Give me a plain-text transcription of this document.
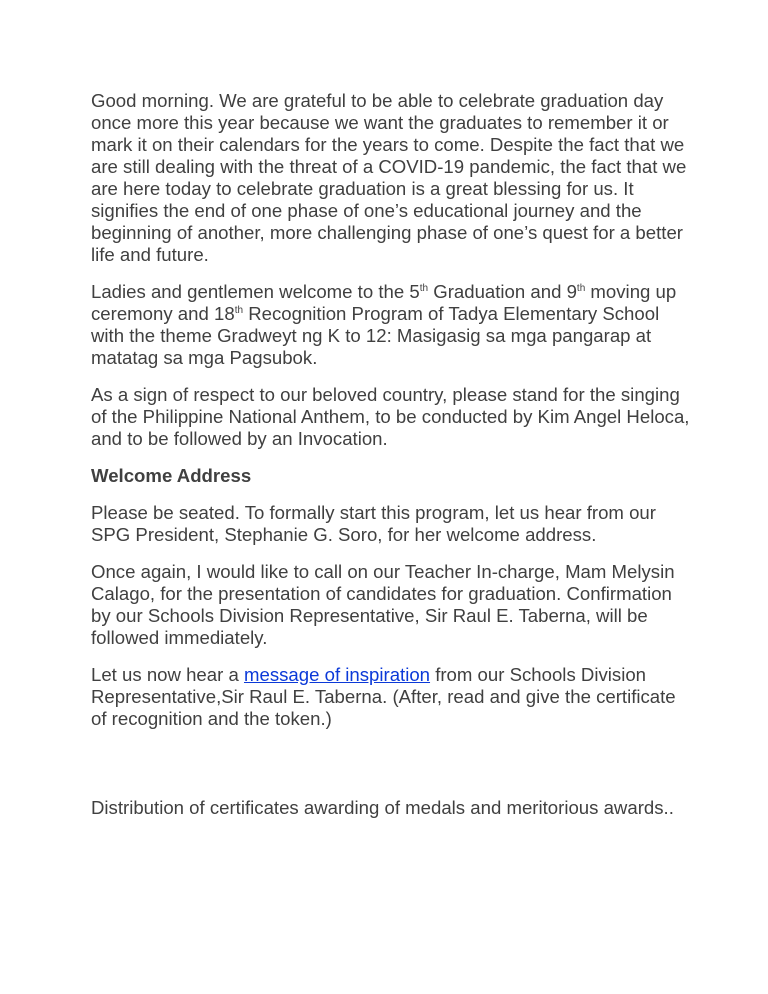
Good morning. We are grateful to be able to celebrate graduation day once more this year because we want the graduates to remember it or mark it on their calendars for the years to come. Despite the fact that we are still dealing with the threat of a COVID-19 pandemic, the fact that we are here today to celebrate graduation is a great blessing for us. It signifies the end of one phase of one’s educational journey and the beginning of another, more challenging phase of one’s quest for a better life and future.

Ladies and gentlemen welcome to the 5th Graduation and 9th moving up ceremony and 18th Recognition Program of Tadya Elementary School with the theme Gradweyt ng K to 12: Masigasig sa mga pangarap at matatag sa mga Pagsubok.

As a sign of respect to our beloved country, please stand for the singing of the Philippine National Anthem, to be conducted by Kim Angel Heloca, and to be followed by an Invocation.

Welcome Address

Please be seated. To formally start this program, let us hear from our SPG President, Stephanie G. Soro, for her welcome address.

Once again, I would like to call on our Teacher In-charge, Mam Melysin Calago, for the presentation of candidates for graduation. Confirmation by our Schools Division Representative, Sir Raul E. Taberna, will be followed immediately.

Let us now hear a message of inspiration from our Schools Division Representative,Sir Raul E. Taberna. (After, read and give the certificate of recognition and the token.)

Distribution of certificates awarding of medals and meritorious awards..
